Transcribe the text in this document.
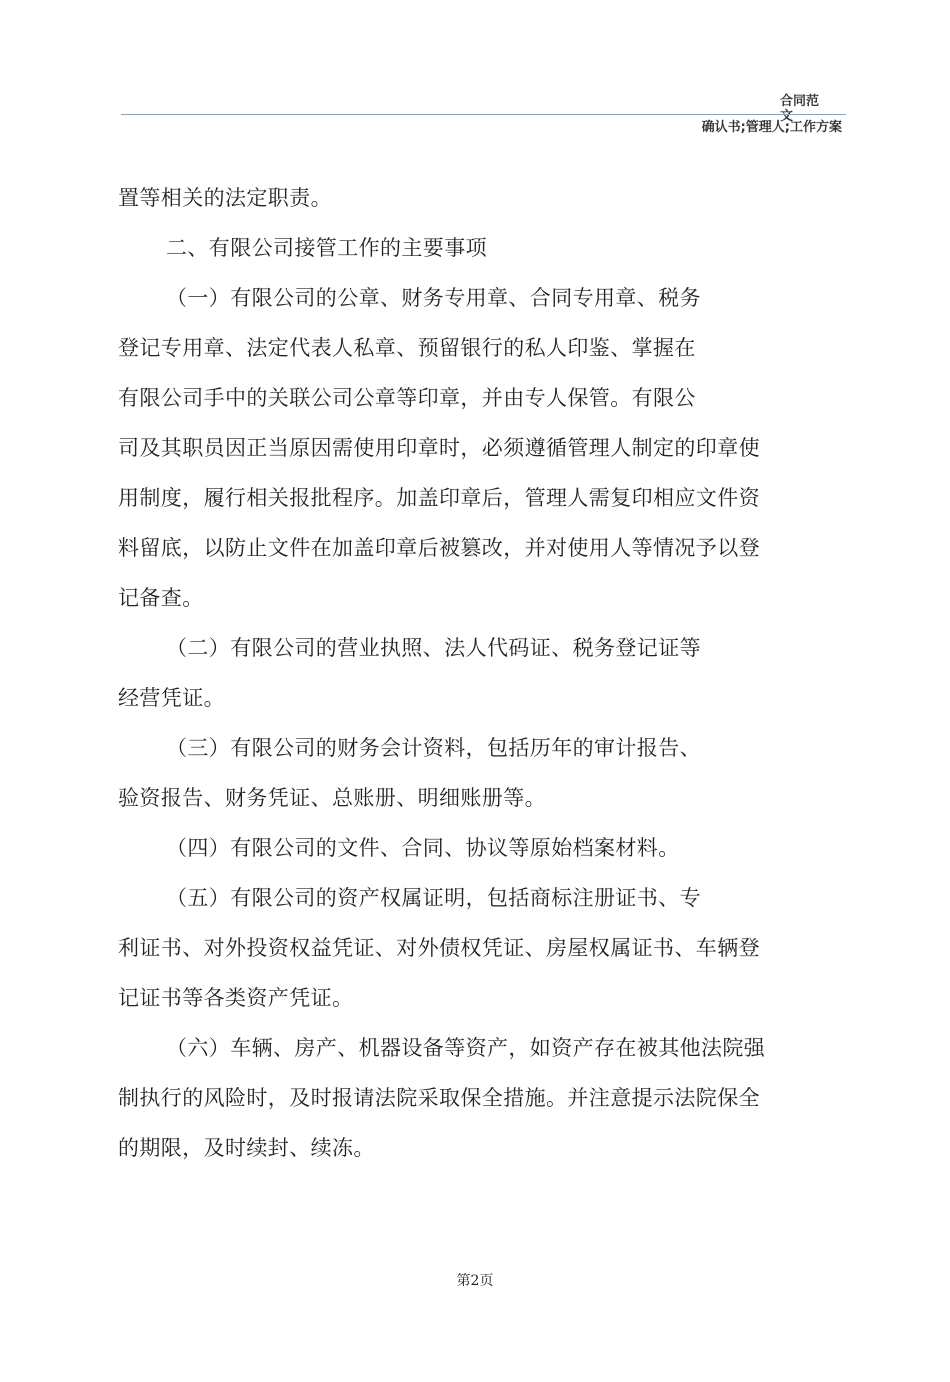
合同范文
确认书;管理人;工作方案
置等相关的法定职责。
二、有限公司接管工作的主要事项
（一）有限公司的公章、财务专用章、合同专用章、税务
登记专用章、法定代表人私章、预留银行的私人印鉴、掌握在
有限公司手中的关联公司公章等印章，并由专人保管。有限公
司及其职员因正当原因需使用印章时，必须遵循管理人制定的印章使
用制度，履行相关报批程序。加盖印章后，管理人需复印相应文件资
料留底，以防止文件在加盖印章后被篡改，并对使用人等情况予以登
记备查。
（二）有限公司的营业执照、法人代码证、税务登记证等
经营凭证。
（三）有限公司的财务会计资料，包括历年的审计报告、
验资报告、财务凭证、总账册、明细账册等。
（四）有限公司的文件、合同、协议等原始档案材料。
（五）有限公司的资产权属证明，包括商标注册证书、专
利证书、对外投资权益凭证、对外债权凭证、房屋权属证书、车辆登
记证书等各类资产凭证。
（六）车辆、房产、机器设备等资产，如资产存在被其他法院强
制执行的风险时，及时报请法院采取保全措施。并注意提示法院保全
的期限，及时续封、续冻。
第2页
